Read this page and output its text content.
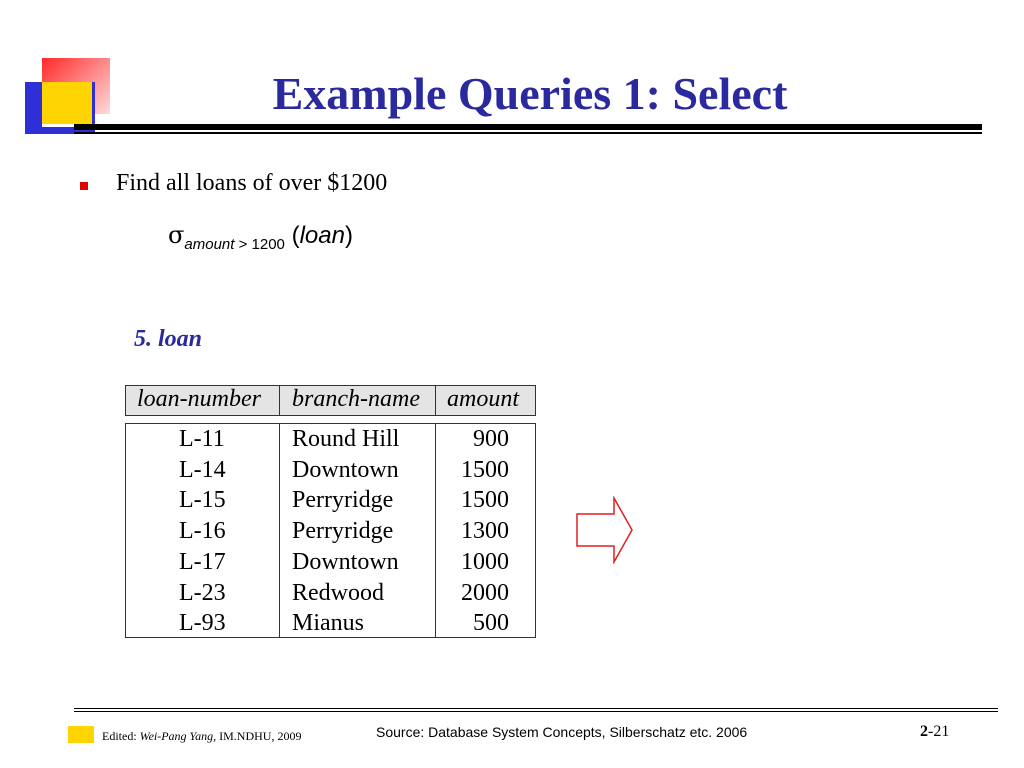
Example Queries 1: Select
Find all loans of over $1200
$\sigma_{amount > 1200}$ (loan)
5. loan
loan-number branch-name amount
L-11	Round Hill	900
L-14	Downtown	1500
L-15	Perryridge	1500
L-16	Perryridge	1300
L-17	Downtown	1000
L-23	Redwood	2000
L-93	Mianus	500
Edited: Wei-Pang Yang, IM.NDHU, 2009	Source: Database System Concepts, Silberschatz etc. 2006	2-21
